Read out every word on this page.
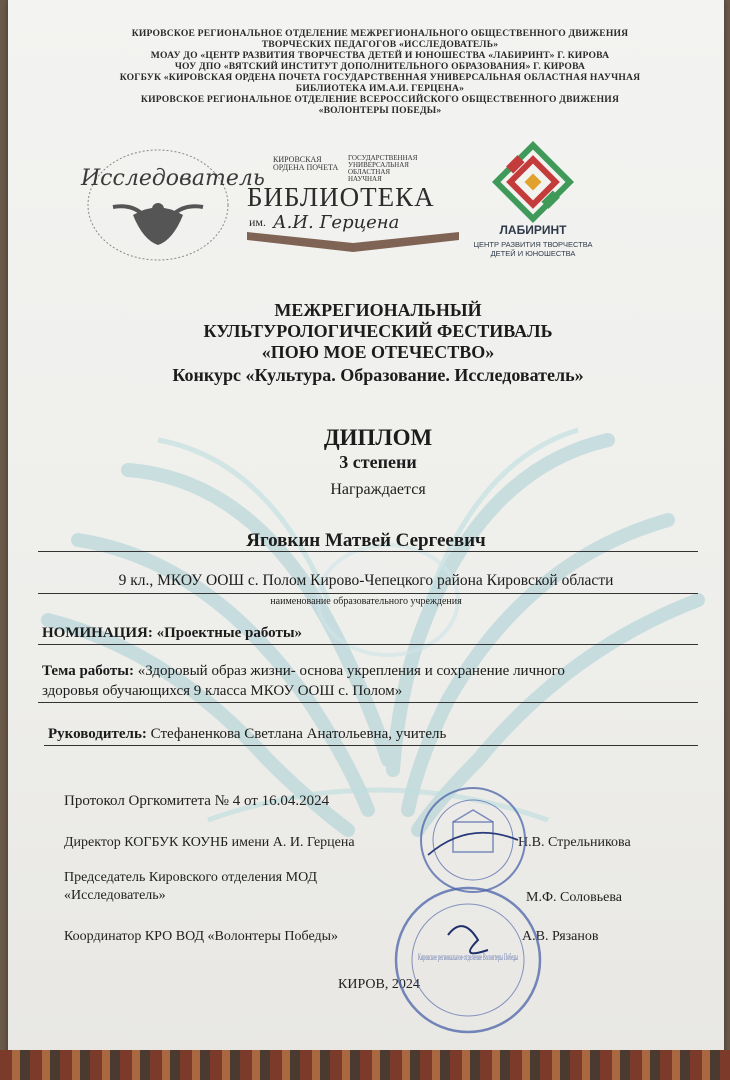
КИРОВСКОЕ РЕГИОНАЛЬНОЕ ОТДЕЛЕНИЕ МЕЖРЕГИОНАЛЬНОГО ОБЩЕСТВЕННОГО ДВИЖЕНИЯ
ТВОРЧЕСКИХ ПЕДАГОГОВ «ИССЛЕДОВАТЕЛЬ»
МОАУ ДО «ЦЕНТР РАЗВИТИЯ ТВОРЧЕСТВА ДЕТЕЙ И ЮНОШЕСТВА «ЛАБИРИНТ» Г. КИРОВА
ЧОУ ДПО «ВЯТСКИЙ ИНСТИТУТ ДОПОЛНИТЕЛЬНОГО ОБРАЗОВАНИЯ» Г. КИРОВА
КОГБУК «КИРОВСКАЯ ОРДЕНА ПОЧЕТА ГОСУДАРСТВЕННАЯ УНИВЕРСАЛЬНАЯ ОБЛАСТНАЯ НАУЧНАЯ
БИБЛИОТЕКА ИМ.А.И. ГЕРЦЕНА»
КИРОВСКОЕ РЕГИОНАЛЬНОЕ ОТДЕЛЕНИЕ ВСЕРОССИЙСКОГО ОБЩЕСТВЕННОГО ДВИЖЕНИЯ
«ВОЛОНТЕРЫ ПОБЕДЫ»
Исследователь
КИРОВСКАЯ
ОРДЕНА ПОЧЕТА
ГОСУДАРСТВЕННАЯ
УНИВЕРСАЛЬНАЯ
ОБЛАСТНАЯ
НАУЧНАЯ
БИБЛИОТЕКА
им. А.И. Герцена	ЛАБИРИНТ
ЦЕНТР РАЗВИТИЯ ТВОРЧЕСТВА
ДЕТЕЙ И ЮНОШЕСТВА
МЕЖРЕГИОНАЛЬНЫЙ
КУЛЬТУРОЛОГИЧЕСКИЙ ФЕСТИВАЛЬ
«ПОЮ МОЕ ОТЕЧЕСТВО»
Конкурс «Культура. Образование. Исследователь»
ДИПЛОМ
3 степени
Награждается
Яговкин Матвей Сергеевич
9 кл., МКОУ ООШ с. Полом Кирово-Чепецкого района Кировской области
наименование образовательного учреждения
НОМИНАЦИЯ: «Проектные работы»
Тема работы: «Здоровый образ жизни- основа укрепления и сохранение личного
здоровья обучающихся 9 класса МКОУ ООШ с. Полом»
Руководитель: Стефаненкова Светлана Анатольевна, учитель
Протокол Оргкомитета № 4 от 16.04.2024
Директор КОГБУК КОУНБ имени А. И. Герцена	Н.В. Стрельникова
Председатель Кировского отделения МОД
«Исследователь»	М.Ф. Соловьева
Координатор КРО ВОД «Волонтеры Победы»	А.В. Рязанов
КИРОВ, 2024
Кировское региональное отделение Волонтеры Победы
